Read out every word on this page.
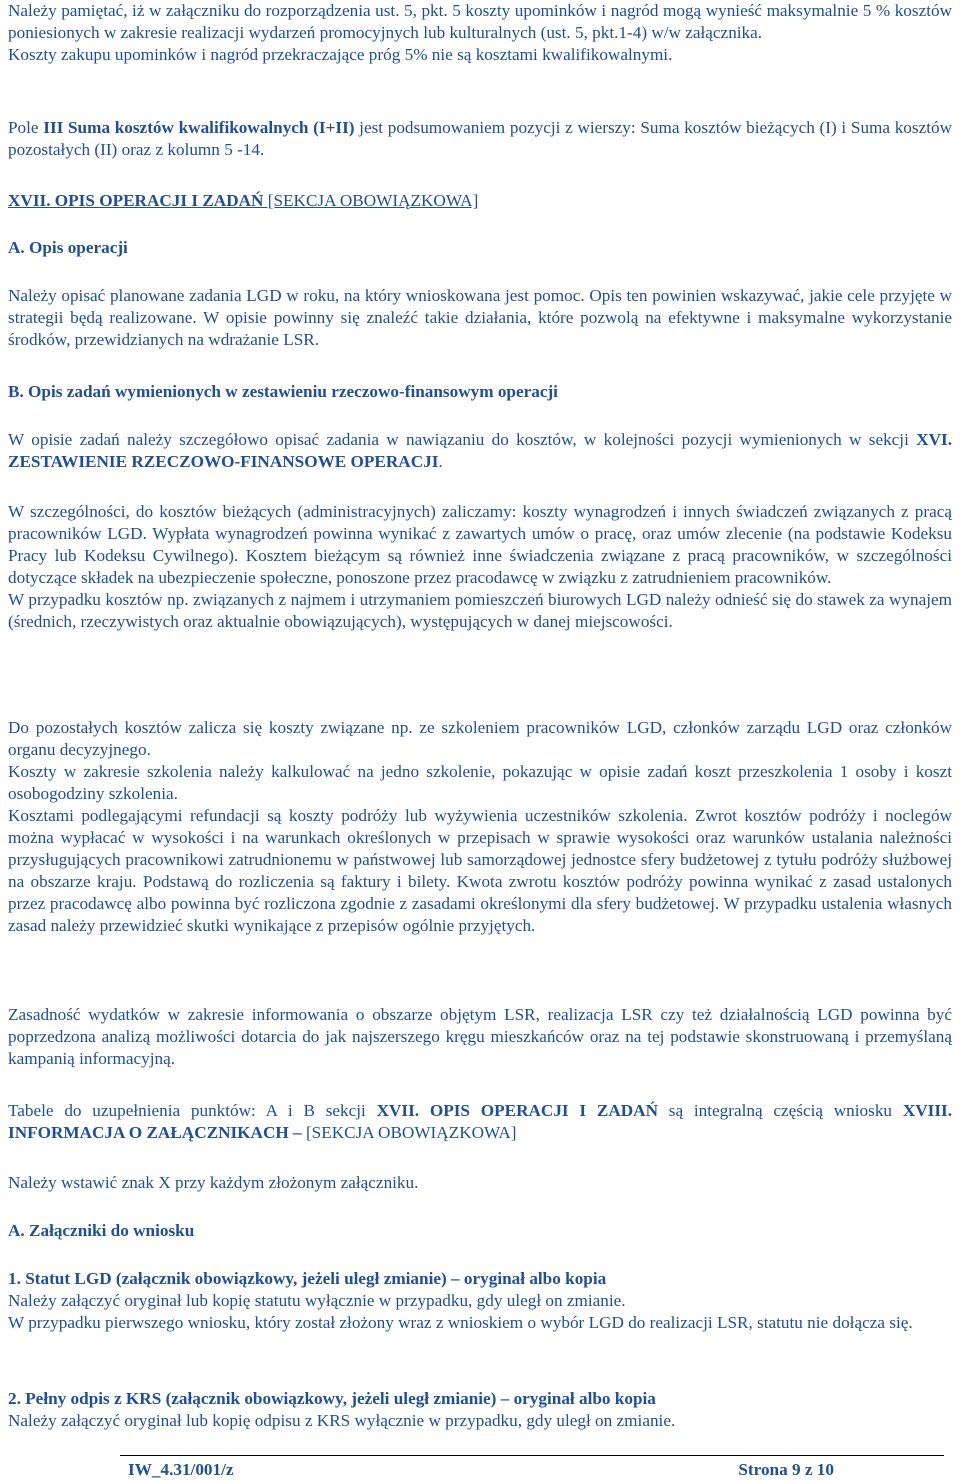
Należy pamiętać, iż w załączniku do rozporządzenia ust. 5, pkt. 5 koszty upominków i nagród mogą wynieść maksymalnie 5 % kosztów poniesionych w zakresie realizacji wydarzeń promocyjnych lub kulturalnych (ust. 5, pkt.1-4) w/w załącznika.
Koszty zakupu upominków i nagród przekraczające próg 5% nie są kosztami kwalifikowalnymi.
Pole III Suma kosztów kwalifikowalnych (I+II) jest podsumowaniem pozycji z wierszy: Suma kosztów bieżących (I) i Suma kosztów pozostałych (II) oraz z kolumn 5 -14.
XVII. OPIS OPERACJI I ZADAŃ [SEKCJA OBOWIĄZKOWA]
A. Opis operacji
Należy opisać planowane zadania LGD w roku, na który wnioskowana jest pomoc. Opis ten powinien wskazywać, jakie cele przyjęte w strategii będą realizowane. W opisie powinny się znaleźć takie działania, które pozwolą na efektywne i maksymalne wykorzystanie środków, przewidzianych na wdrażanie LSR.
B. Opis zadań wymienionych w zestawieniu rzeczowo-finansowym operacji
W opisie zadań należy szczegółowo opisać zadania w nawiązaniu do kosztów, w kolejności pozycji wymienionych w sekcji XVI. ZESTAWIENIE RZECZOWO-FINANSOWE OPERACJI.
W szczególności, do kosztów bieżących (administracyjnych) zaliczamy: koszty wynagrodzeń i innych świadczeń związanych z pracą pracowników LGD. Wypłata wynagrodzeń powinna wynikać z zawartych umów o pracę, oraz umów zlecenie (na podstawie Kodeksu Pracy lub Kodeksu Cywilnego). Kosztem bieżącym są również inne świadczenia związane z pracą pracowników, w szczególności dotyczące składek na ubezpieczenie społeczne, ponoszone przez pracodawcę w związku z zatrudnieniem pracowników.
W przypadku kosztów np. związanych z najmem i utrzymaniem pomieszczeń biurowych LGD należy odnieść się do stawek za wynajem (średnich, rzeczywistych oraz aktualnie obowiązujących), występujących w danej miejscowości.
Do pozostałych kosztów zalicza się koszty związane np. ze szkoleniem pracowników LGD, członków zarządu LGD oraz członków organu decyzyjnego.
Koszty w zakresie szkolenia należy kalkulować na jedno szkolenie, pokazując w opisie zadań koszt przeszkolenia 1 osoby i koszt osobogodziny szkolenia.
Kosztami podlegającymi refundacji są koszty podróży lub wyżywienia uczestników szkolenia. Zwrot kosztów podróży i noclegów można wypłacać w wysokości i na warunkach określonych w przepisach w sprawie wysokości oraz warunków ustalania należności przysługujących pracownikowi zatrudnionemu w państwowej lub samorządowej jednostce sfery budżetowej z tytułu podróży służbowej na obszarze kraju. Podstawą do rozliczenia są faktury i bilety. Kwota zwrotu kosztów podróży powinna wynikać z zasad ustalonych przez pracodawcę albo powinna być rozliczona zgodnie z zasadami określonymi dla sfery budżetowej. W przypadku ustalenia własnych zasad należy przewidzieć skutki wynikające z przepisów ogólnie przyjętych.
Zasadność wydatków w zakresie informowania o obszarze objętym LSR, realizacja LSR czy też działalnością LGD powinna być poprzedzona analizą możliwości dotarcia do jak najszerszego kręgu mieszkańców oraz na tej podstawie skonstruowaną i przemyślaną kampanią informacyjną.
Tabele do uzupełnienia punktów: A i B sekcji XVII. OPIS OPERACJI I ZADAŃ są integralną częścią wniosku XVIII. INFORMACJA O ZAŁĄCZNIKACH – [SEKCJA OBOWIĄZKOWA]
Należy wstawić znak X przy każdym złożonym załączniku.
A. Załączniki do wniosku
1. Statut LGD (załącznik obowiązkowy, jeżeli uległ zmianie) – oryginał albo kopia
Należy załączyć oryginał lub kopię statutu wyłącznie w przypadku, gdy uległ on zmianie.
W przypadku pierwszego wniosku, który został złożony wraz z wnioskiem o wybór LGD do realizacji LSR, statutu nie dołącza się.
2. Pełny odpis z KRS (załącznik obowiązkowy, jeżeli uległ zmianie) – oryginał albo kopia
Należy załączyć oryginał lub kopię odpisu z KRS wyłącznie w przypadku, gdy uległ on zmianie.
IW_4.31/001/z	Strona 9 z 10
